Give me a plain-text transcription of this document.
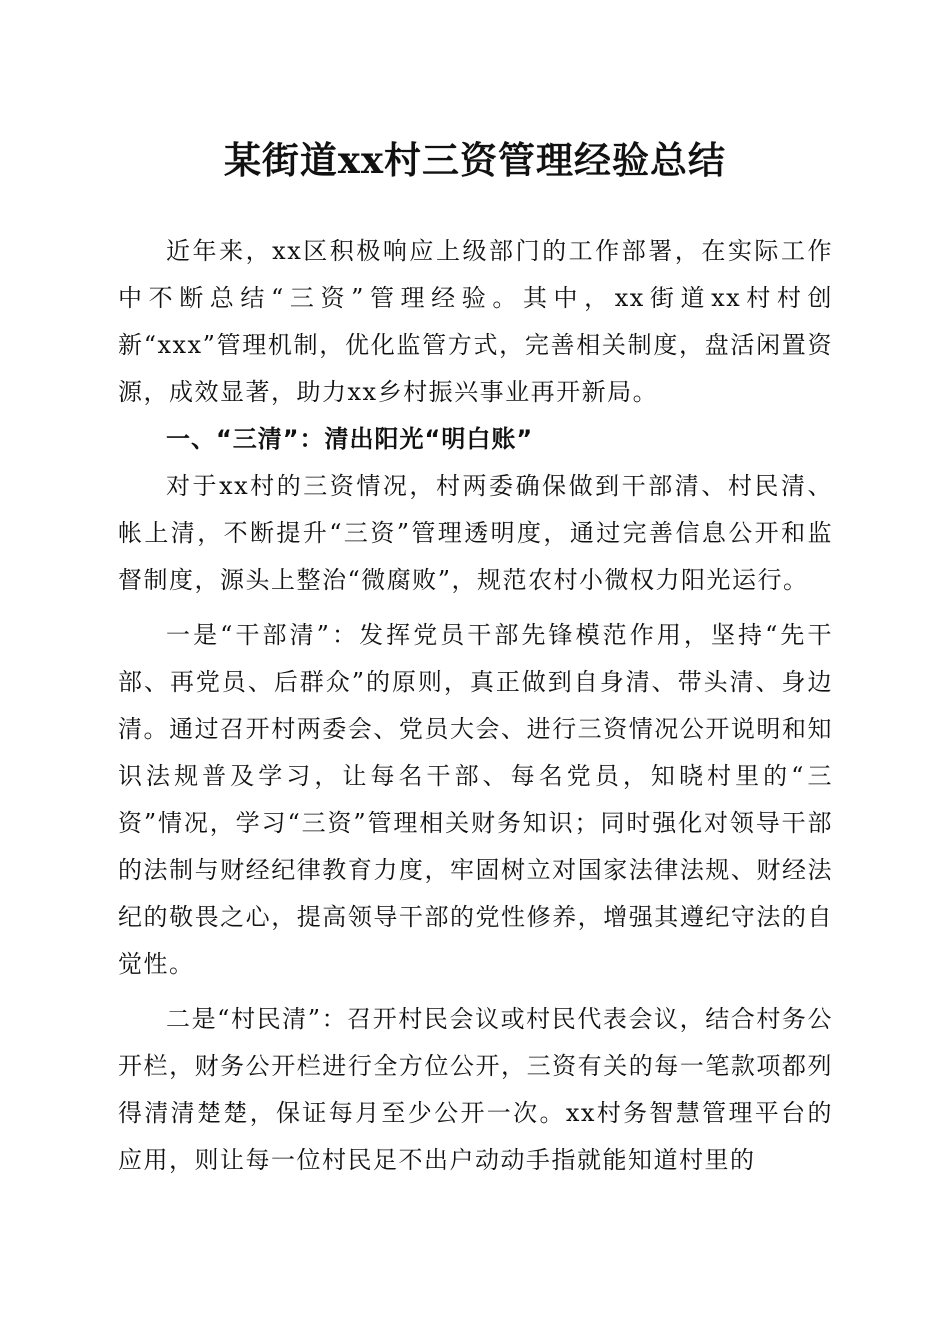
某街道xx村三资管理经验总结

近年来，xx区积极响应上级部门的工作部署，在实际工作中不断总结“三资”管理经验。其中，xx街道xx村村创新“xxx”管理机制，优化监管方式，完善相关制度，盘活闲置资源，成效显著，助力xx乡村振兴事业再开新局。

一、“三清”：清出阳光“明白账”

对于xx村的三资情况，村两委确保做到干部清、村民清、帐上清，不断提升“三资”管理透明度，通过完善信息公开和监督制度，源头上整治“微腐败”，规范农村小微权力阳光运行。

一是“干部清”：发挥党员干部先锋模范作用，坚持“先干部、再党员、后群众”的原则，真正做到自身清、带头清、身边清。通过召开村两委会、党员大会、进行三资情况公开说明和知识法规普及学习，让每名干部、每名党员，知晓村里的“三资”情况，学习“三资”管理相关财务知识；同时强化对领导干部的法制与财经纪律教育力度，牢固树立对国家法律法规、财经法纪的敬畏之心，提高领导干部的党性修养，增强其遵纪守法的自觉性。

二是“村民清”：召开村民会议或村民代表会议，结合村务公开栏，财务公开栏进行全方位公开，三资有关的每一笔款项都列得清清楚楚，保证每月至少公开一次。xx村务智慧管理平台的应用，则让每一位村民足不出户动动手指就能知道村里的
